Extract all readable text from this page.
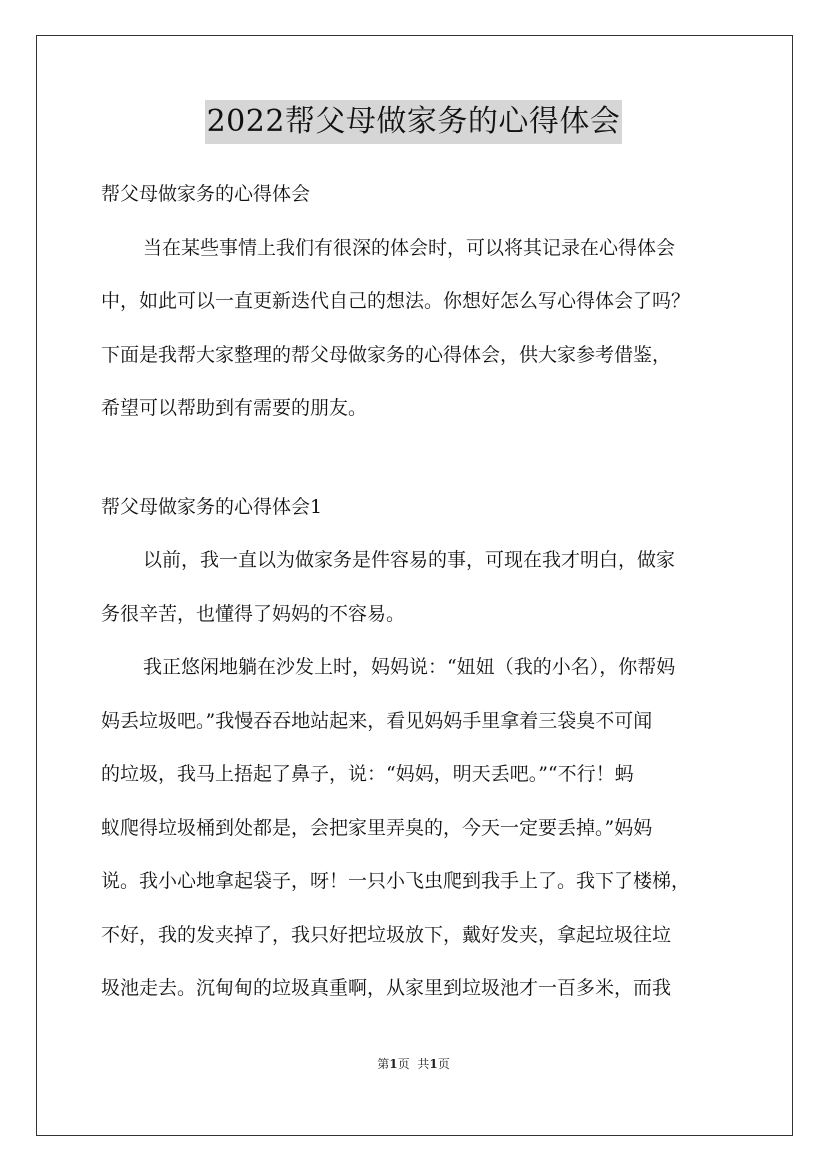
2022帮父母做家务的心得体会
帮父母做家务的心得体会
当在某些事情上我们有很深的体会时，可以将其记录在心得体会
中，如此可以一直更新迭代自己的想法。你想好怎么写心得体会了吗？
下面是我帮大家整理的帮父母做家务的心得体会，供大家参考借鉴，
希望可以帮助到有需要的朋友。
帮父母做家务的心得体会1
以前，我一直以为做家务是件容易的事，可现在我才明白，做家
务很辛苦，也懂得了妈妈的不容易。
我正悠闲地躺在沙发上时，妈妈说：“妞妞（我的小名），你帮妈
妈丢垃圾吧。”我慢吞吞地站起来，看见妈妈手里拿着三袋臭不可闻
的垃圾，我马上捂起了鼻子，说：“妈妈，明天丢吧。”“不行！蚂
蚁爬得垃圾桶到处都是，会把家里弄臭的，今天一定要丢掉。”妈妈
说。我小心地拿起袋子，呀！一只小飞虫爬到我手上了。我下了楼梯，
不好，我的发夹掉了，我只好把垃圾放下，戴好发夹，拿起垃圾往垃
圾池走去。沉甸甸的垃圾真重啊，从家里到垃圾池才一百多米，而我
第1页 共1页
